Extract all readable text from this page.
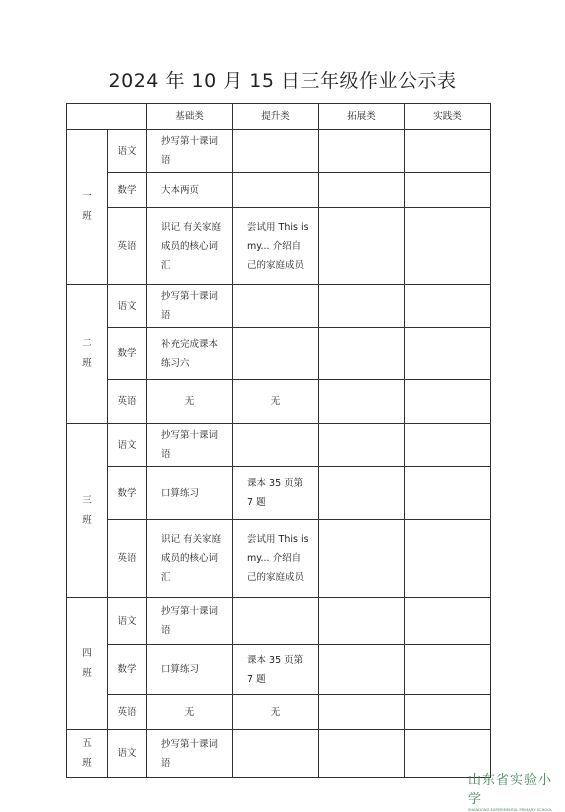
2024 年 10 月 15 日三年级作业公示表
		基础类	提升类	拓展类	实践类

一
班	语文	抄写第十课词语			
	数学	大本两页			
	英语	识记 有关家庭成员的核心词汇	尝试用 This is my... 介绍自己的家庭成员		

二
班	语文	抄写第十课词语			
	数学	补充完成课本练习六			
	英语	无	无		

三
班	语文	抄写第十课词语			
	数学	口算练习	课本 35 页第 7 题		
	英语	识记 有关家庭成员的核心词汇	尝试用 This is my... 介绍自己的家庭成员		

四
班	语文	抄写第十课词语			
	数学	口算练习	课本 35 页第 7 题		
	英语	无	无		

五
班	语文	抄写第十课词语			
山东省实验小学
SHANDONG EXPERIMENTAL PRIMARY SCHOOL
